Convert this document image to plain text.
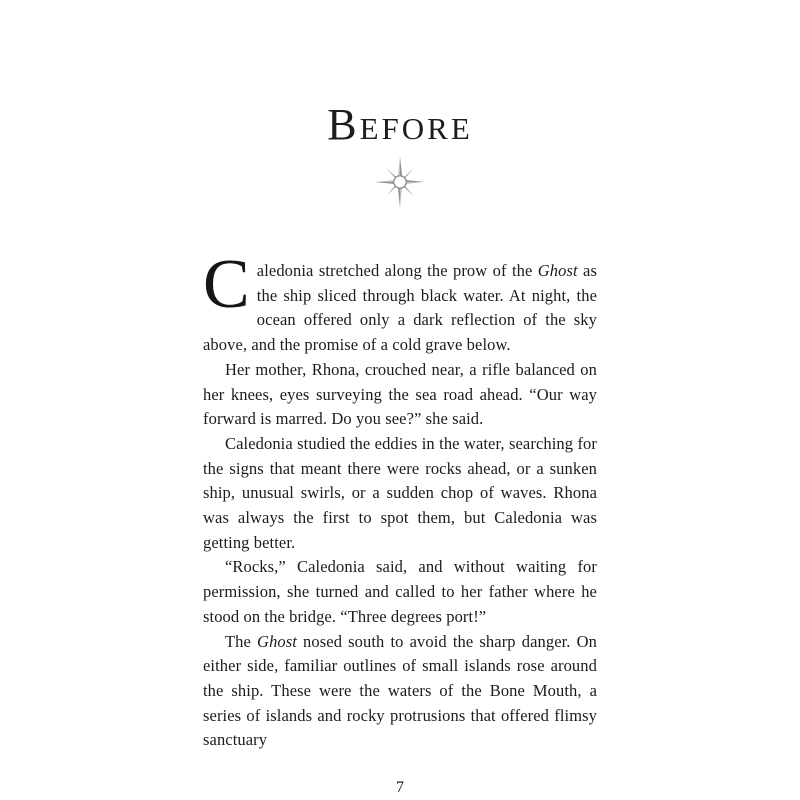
Before

Caledonia stretched along the prow of the Ghost as the ship sliced through black water. At night, the ocean offered only a dark reflection of the sky above, and the promise of a cold grave below.

Her mother, Rhona, crouched near, a rifle balanced on her knees, eyes surveying the sea road ahead. “Our way forward is marred. Do you see?” she said.

Caledonia studied the eddies in the water, searching for the signs that meant there were rocks ahead, or a sunken ship, unusual swirls, or a sudden chop of waves. Rhona was always the first to spot them, but Caledonia was getting better.

“Rocks,” Caledonia said, and without waiting for permission, she turned and called to her father where he stood on the bridge. “Three degrees port!”

The Ghost nosed south to avoid the sharp danger. On either side, familiar outlines of small islands rose around the ship. These were the waters of the Bone Mouth, a series of islands and rocky protrusions that offered flimsy sanctuary

7
